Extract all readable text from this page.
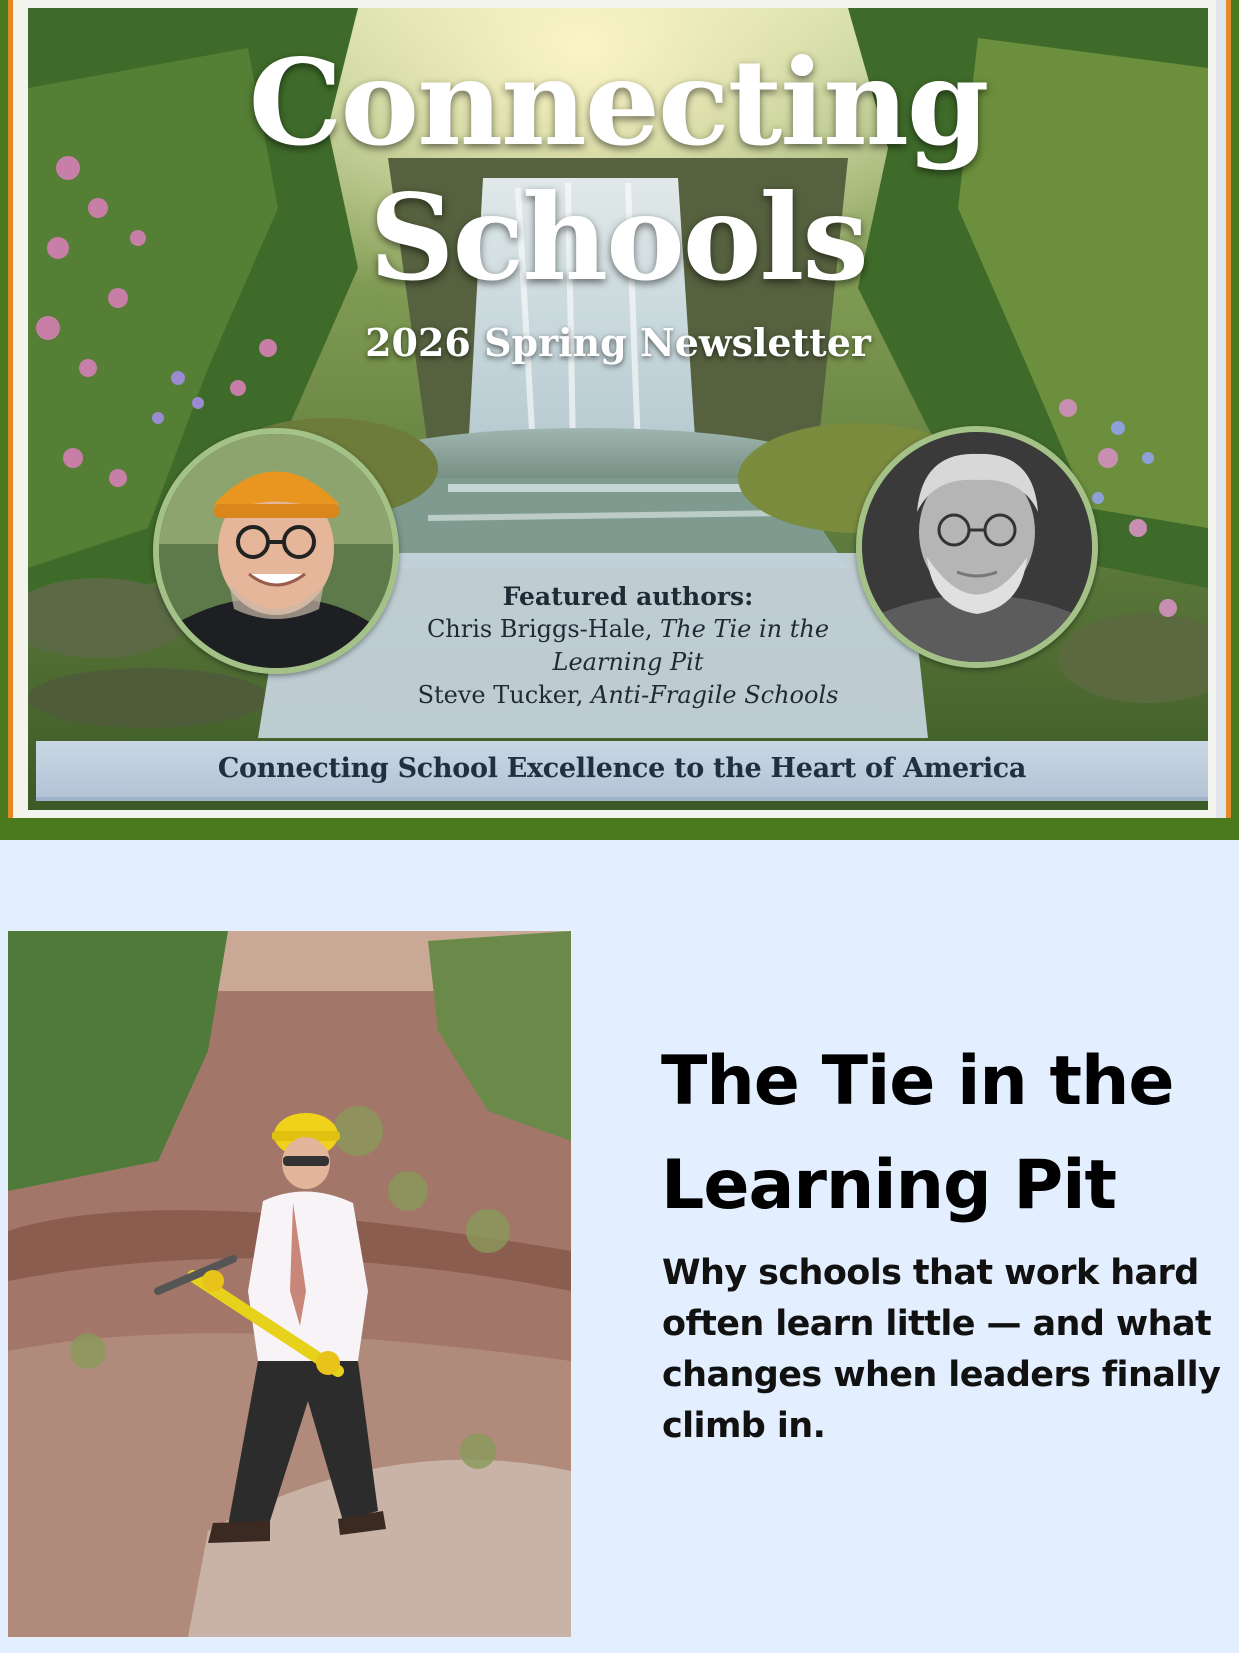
Connecting
Schools
2026 Spring Newsletter
Featured authors:
Chris Briggs-Hale, The Tie in the
Learning Pit
Steve Tucker, Anti-Fragile Schools
Connecting School Excellence to the Heart of America
The Tie in the
Learning Pit

Why schools that work hard often learn little — and what changes when leaders finally climb in.
